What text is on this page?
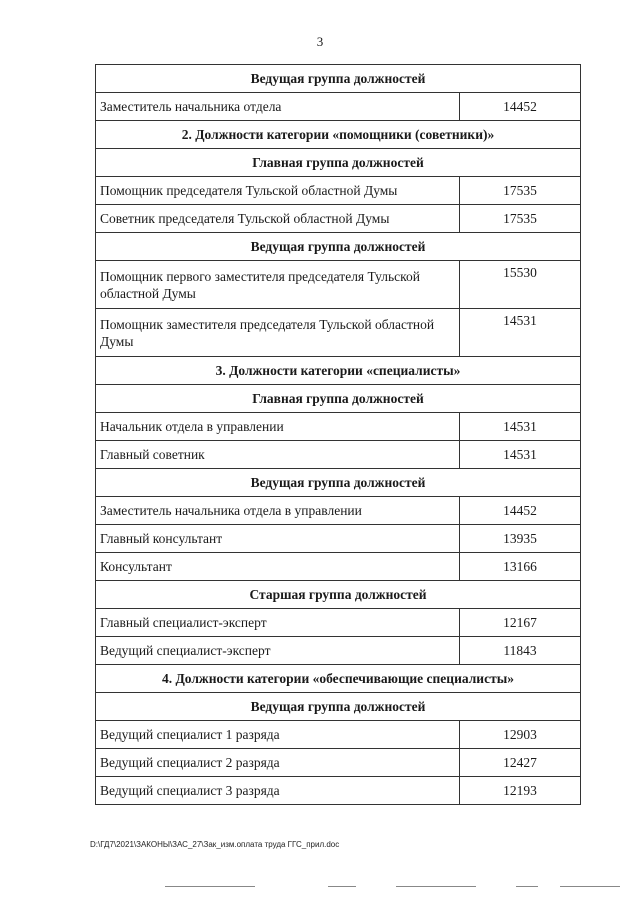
3
Ведущая группа должностей	
Заместитель начальника отдела	14452
2. Должности категории «помощники (советники)»	
Главная группа должностей	
Помощник председателя Тульской областной Думы	17535
Советник председателя Тульской областной Думы	17535
Ведущая группа должностей	
Помощник первого заместителя председателя Тульской областной Думы	15530
Помощник заместителя председателя Тульской областной Думы	14531
3. Должности категории «специалисты»	
Главная группа должностей	
Начальник отдела в управлении	14531
Главный советник	14531
Ведущая группа должностей	
Заместитель начальника отдела в управлении	14452
Главный консультант	13935
Консультант	13166
Старшая группа должностей	
Главный специалист-эксперт	12167
Ведущий специалист-эксперт	11843
4. Должности категории «обеспечивающие специалисты»	
Ведущая группа должностей	
Ведущий специалист 1 разряда	12903
Ведущий специалист 2 разряда	12427
Ведущий специалист 3 разряда	12193
D:\ГД7\2021\ЗАКОНЫ\ЗАС_27\Зак_изм.оплата труда ГГС_прил.doc
